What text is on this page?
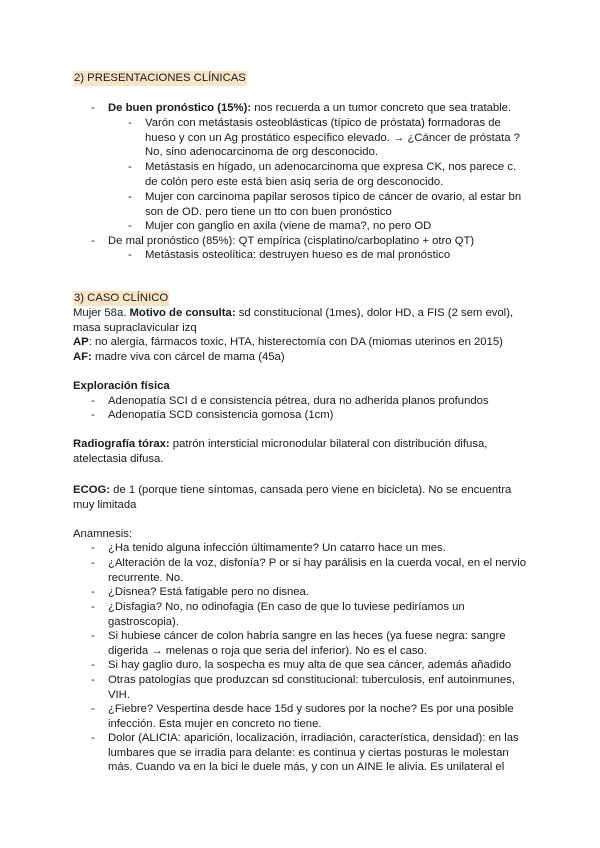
2) PRESENTACIONES CLÍNICAS
- De buen pronóstico (15%): nos recuerda a un tumor concreto que sea tratable.
- Varón con metástasis osteoblásticas (típico de próstata) formadoras de hueso y con un Ag prostático específico elevado. → ¿Cáncer de próstata ? No, sino adenocarcinoma de org desconocido.
- Metástasis en hígado, un adenocarcinoma que expresa CK, nos parece c. de colón pero este está bien asiq seria de org desconocido.
- Mujer con carcinoma papilar serosos típico de cáncer de ovario, al estar bn son de OD. pero tiene un tto con buen pronóstico
- Mujer con ganglio en axila (viene de mama?, no pero OD
- De mal pronóstico (85%): QT empírica (cisplatino/carboplatino + otro QT)
- Metástasis osteolítica: destruyen hueso es de mal pronóstico
3) CASO CLÍNICO
Mujer 58a. Motivo de consulta: sd constitucional (1mes), dolor HD, a FIS (2 sem evol), masa supraclavicular izq
AP: no alergia, fármacos toxic, HTA, histerectomía con DA (miomas uterinos en 2015)
AF: madre viva con cárcel de mama (45a)
Exploración física
- Adenopatía SCI d e consistencia pétrea, dura no adherida planos profundos
- Adenopatía SCD consistencia gomosa (1cm)
Radiografía tórax: patrón intersticial micronodular bilateral con distribución difusa, atelectasia difusa.
ECOG: de 1 (porque tiene síntomas, cansada pero viene en bicicleta). No se encuentra muy limitada
Anamnesis:
- ¿Ha tenido alguna infección últimamente? Un catarro hace un mes.
- ¿Alteración de la voz, disfonía? P or si hay parálisis en la cuerda vocal, en el nervio recurrente. No.
- ¿Disnea? Está fatigable pero no disnea.
- ¿Disfagia? No, no odinofagia (En caso de que lo tuviese pediríamos un gastroscopia).
- Si hubiese cáncer de colon habría sangre en las heces (ya fuese negra: sangre digerida → melenas o roja que seria del inferior). No es el caso.
- Si hay gaglio duro, la sospecha es muy alta de que sea cáncer, además añadido
- Otras patologías que produzcan sd constitucional: tuberculosis, enf autoinmunes, VIH.
- ¿Fiebre? Vespertina desde hace 15d y sudores por la noche? Es por una posible infección. Esta mujer en concreto no tiene.
- Dolor (ALICIA: aparición, localización, irradiación, característica, densidad): en las lumbares que se irradia para delante: es continua y ciertas posturas le molestan más. Cuando va en la bici le duele más, y con un AINE le alivia. Es unilateral el
